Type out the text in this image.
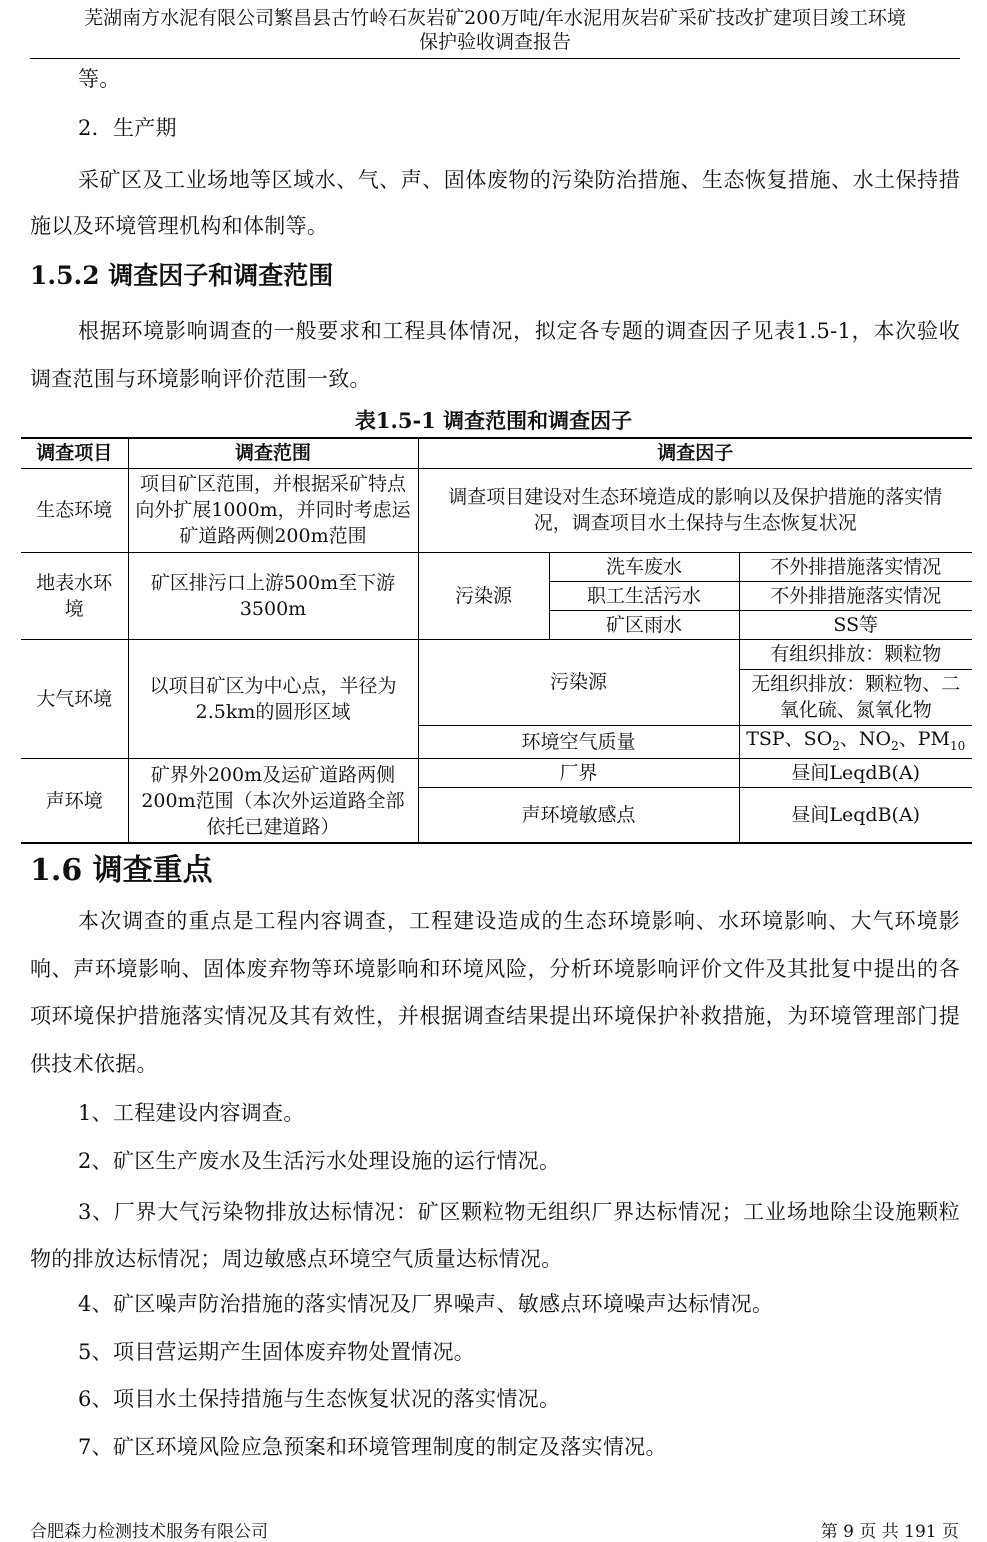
芜湖南方水泥有限公司繁昌县古竹岭石灰岩矿200万吨/年水泥用灰岩矿采矿技改扩建项目竣工环境
保护验收调查报告

等。

2．生产期

采矿区及工业场地等区域水、气、声、固体废物的污染防治措施、生态恢复措施、水土保持措施以及环境管理机构和体制等。

1.5.2 调查因子和调查范围

根据环境影响调查的一般要求和工程具体情况，拟定各专题的调查因子见表1.5-1，本次验收调查范围与环境影响评价范围一致。

表1.5-1 调查范围和调查因子
调查项目	调查范围	调查因子		
生态环境	项目矿区范围，并根据采矿特点向外扩展1000m，并同时考虑运矿道路两侧200m范围	调查项目建设对生态环境造成的影响以及保护措施的落实情况，调查项目水土保持与生态恢复状况		
地表水环境	矿区排污口上游500m至下游3500m	污染源	洗车废水	不外排措施落实情况
			职工生活污水	不外排措施落实情况
			矿区雨水	SS等
大气环境	以项目矿区为中心点，半径为2.5km的圆形区域	污染源		有组织排放：颗粒物
				无组织排放：颗粒物、二氧化硫、氮氧化物
		环境空气质量		TSP、$SO_2$、$NO_2$、$PM_{10}$
声环境	矿界外200m及运矿道路两侧200m范围（本次外运道路全部依托已建道路）	厂界		昼间LeqdB(A)
		声环境敏感点		昼间LeqdB(A)
1.6 调查重点

本次调查的重点是工程内容调查，工程建设造成的生态环境影响、水环境影响、大气环境影响、声环境影响、固体废弃物等环境影响和环境风险，分析环境影响评价文件及其批复中提出的各项环境保护措施落实情况及其有效性，并根据调查结果提出环境保护补救措施，为环境管理部门提供技术依据。

1、工程建设内容调查。

2、矿区生产废水及生活污水处理设施的运行情况。

3、厂界大气污染物排放达标情况：矿区颗粒物无组织厂界达标情况；工业场地除尘设施颗粒物的排放达标情况；周边敏感点环境空气质量达标情况。

4、矿区噪声防治措施的落实情况及厂界噪声、敏感点环境噪声达标情况。

5、项目营运期产生固体废弃物处置情况。

6、项目水土保持措施与生态恢复状况的落实情况。

7、矿区环境风险应急预案和环境管理制度的制定及落实情况。

合肥森力检测技术服务有限公司	第 9 页 共 191 页
